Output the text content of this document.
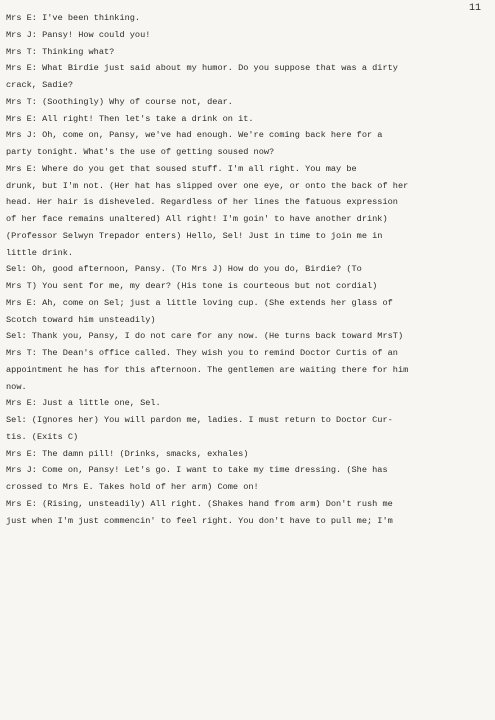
11
Mrs E: I've been thinking.
Mrs J: Pansy! How could you!
Mrs T: Thinking what?
Mrs E: What Birdie just said about my humor. Do you suppose that was a dirty
crack, Sadie?
Mrs T: (Soothingly) Why of course not, dear.
Mrs E: All right! Then let's take a drink on it.
Mrs J: Oh, come on, Pansy, we've had enough. We're coming back here for a
party tonight. What's the use of getting soused now?
Mrs E: Where do you get that soused stuff. I'm all right. You may be
drunk, but I'm not. (Her hat has slipped over one eye, or onto the back of her
head. Her hair is disheveled. Regardless of her lines the fatuous expression
of her face remains unaltered) All right! I'm goin' to have another drink)
(Professor Selwyn Trepador enters) Hello, Sel! Just in time to join me in
little drink.
Sel: Oh, good afternoon, Pansy. (To Mrs J) How do you do, Birdie? (To
Mrs T) You sent for me, my dear? (His tone is courteous but not cordial)
Mrs E: Ah, come on Sel; just a little loving cup. (She extends her glass of
Scotch toward him unsteadily)
Sel: Thank you, Pansy, I do not care for any now. (He turns back toward MrsT)
Mrs T: The Dean's office called. They wish you to remind Doctor Curtis of an
appointment he has for this afternoon. The gentlemen are waiting there for him
now.
Mrs E: Just a little one, Sel.
Sel: (Ignores her) You will pardon me, ladies. I must return to Doctor Cur-
tis. (Exits C)
Mrs E: The damn pill! (Drinks, smacks, exhales)
Mrs J: Come on, Pansy! Let's go. I want to take my time dressing. (She has
crossed to Mrs E. Takes hold of her arm) Come on!
Mrs E: (Rising, unsteadily) All right. (Shakes hand from arm) Don't rush me
just when I'm just commencin' to feel right. You don't have to pull me; I'm
